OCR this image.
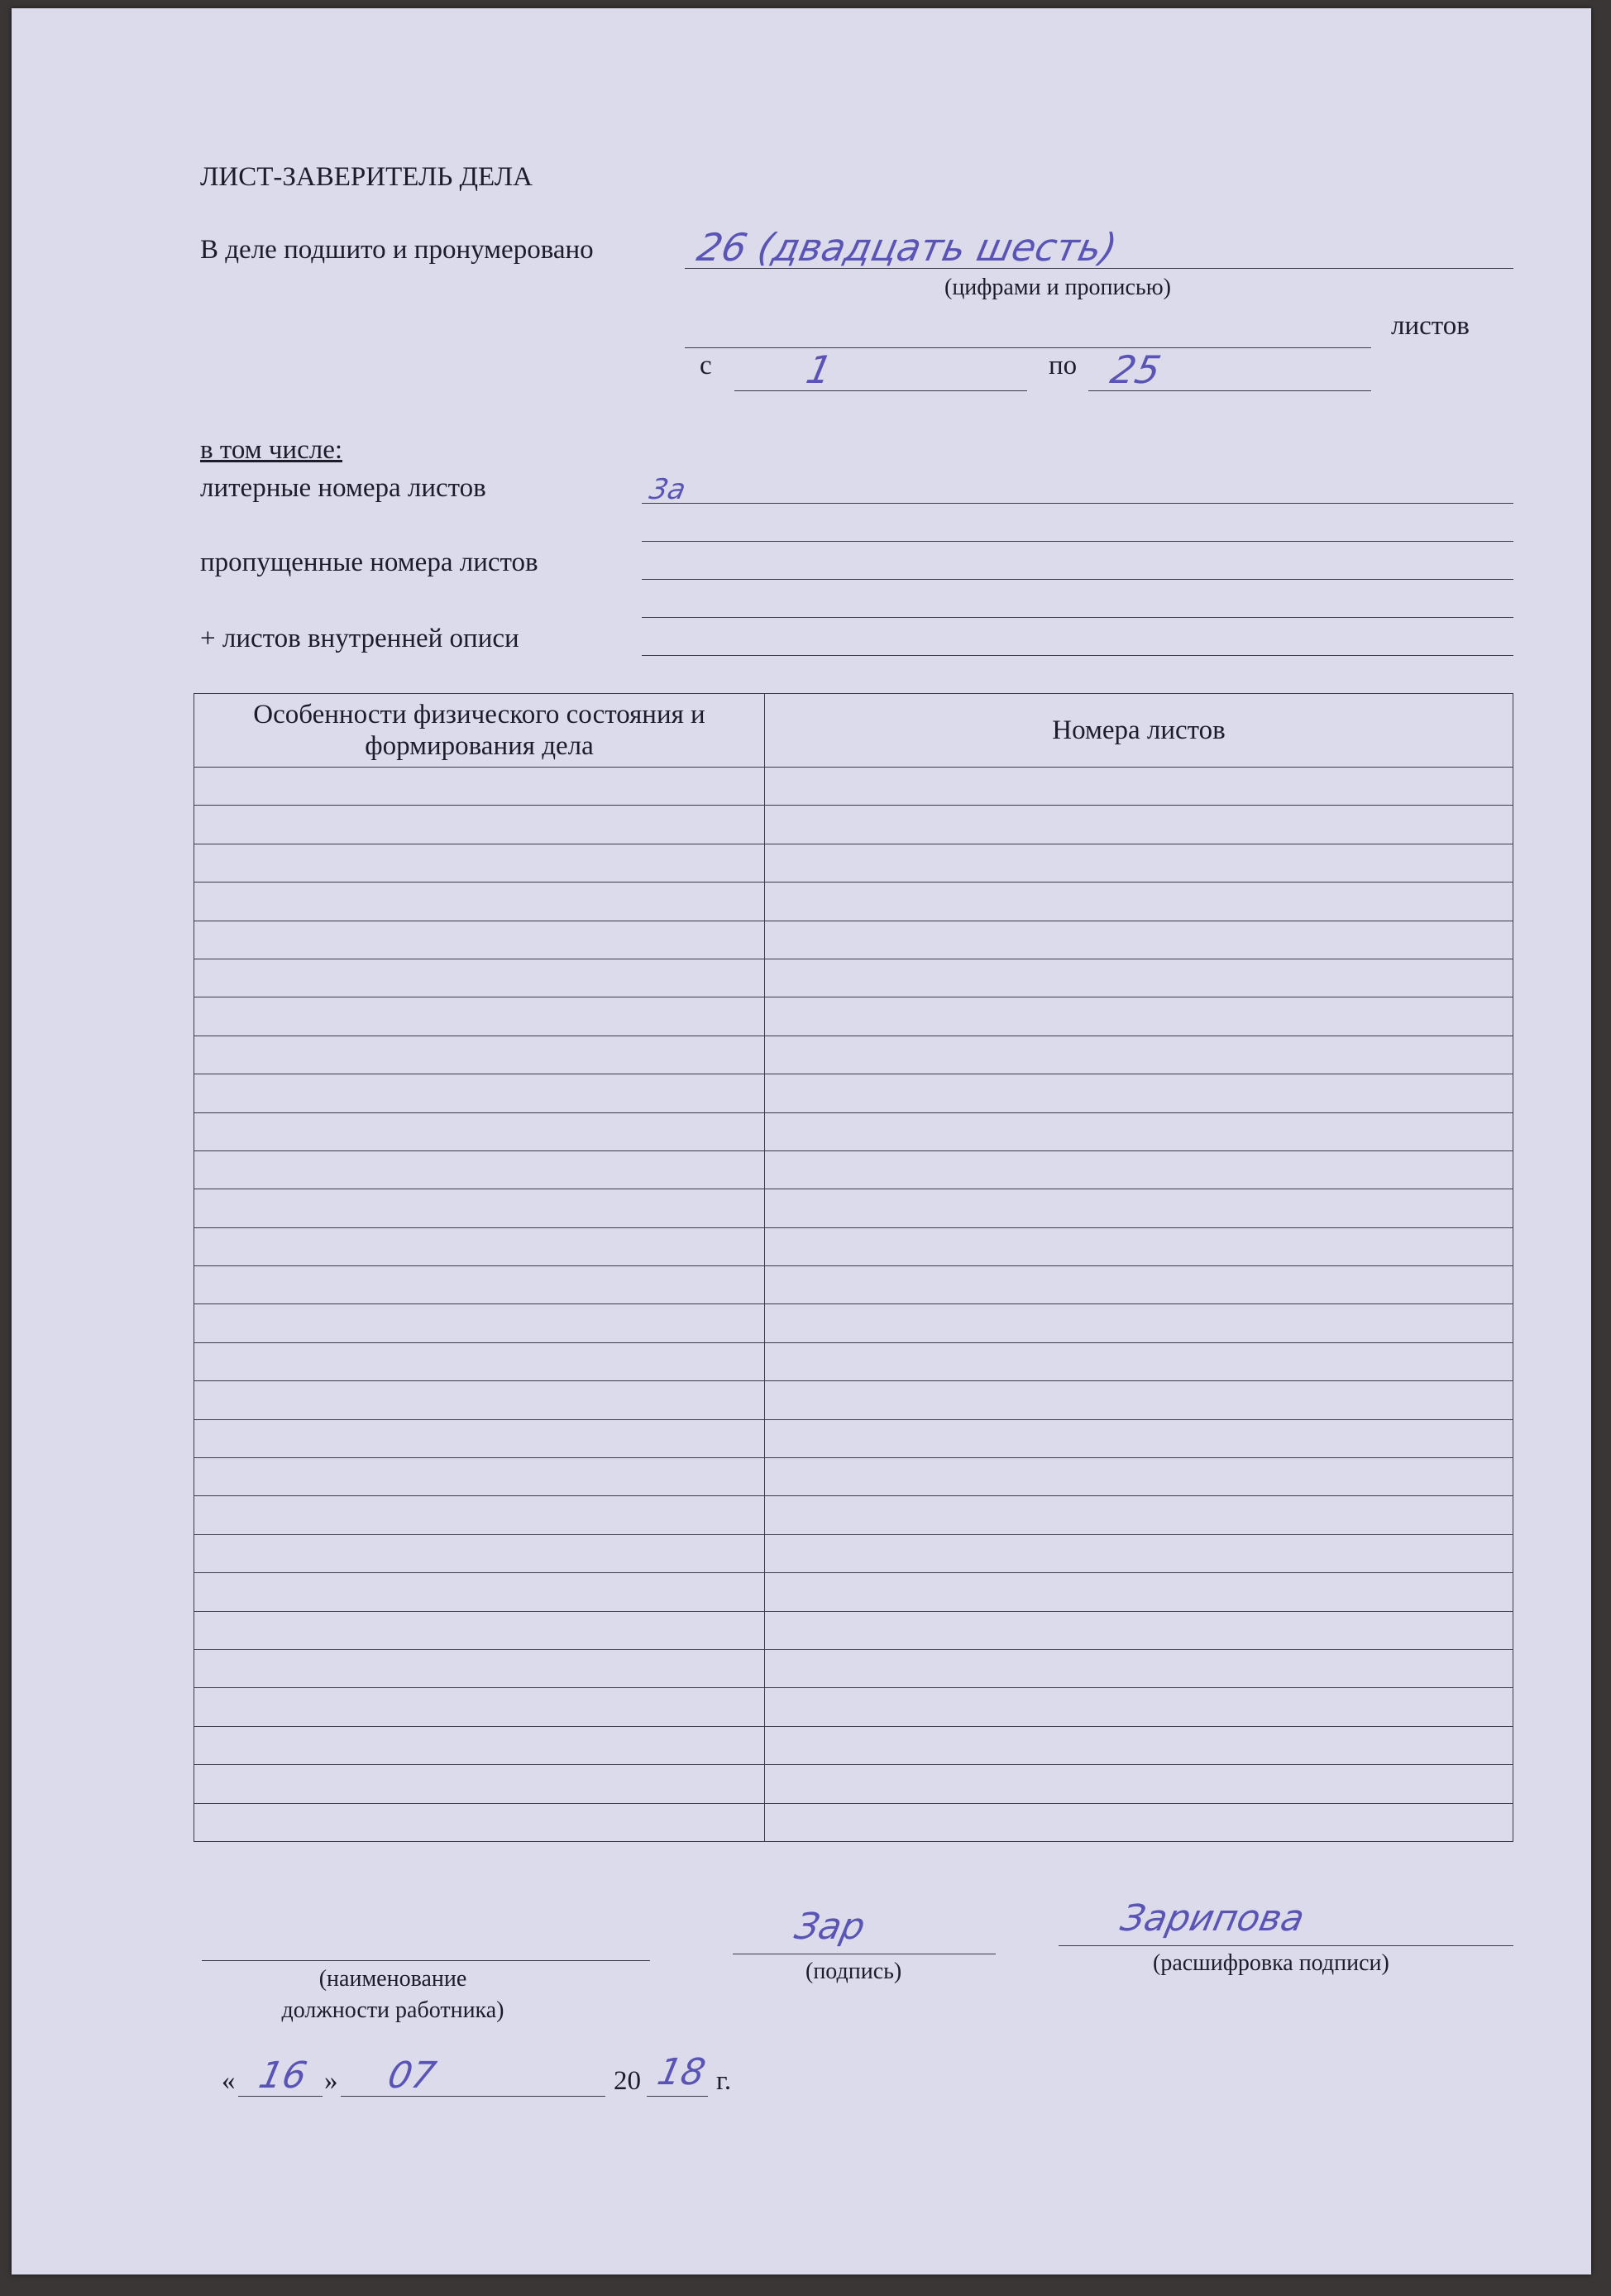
ЛИСТ-ЗАВЕРИТЕЛЬ ДЕЛА
В деле подшито и пронумеровано	26 (двадцать шесть)
(цифрами и прописью)
листов
с 1	по 25
в том числе:
литерные номера листов	3а
пропущенные номера листов
+ листов внутренней описи
Особенности физического состояния и формирования дела	Номера листов

(наименование должности работника)
Зар
(подпись)
Зарипова
(расшифровка подписи)
« 16 » 07	20 18 г.
